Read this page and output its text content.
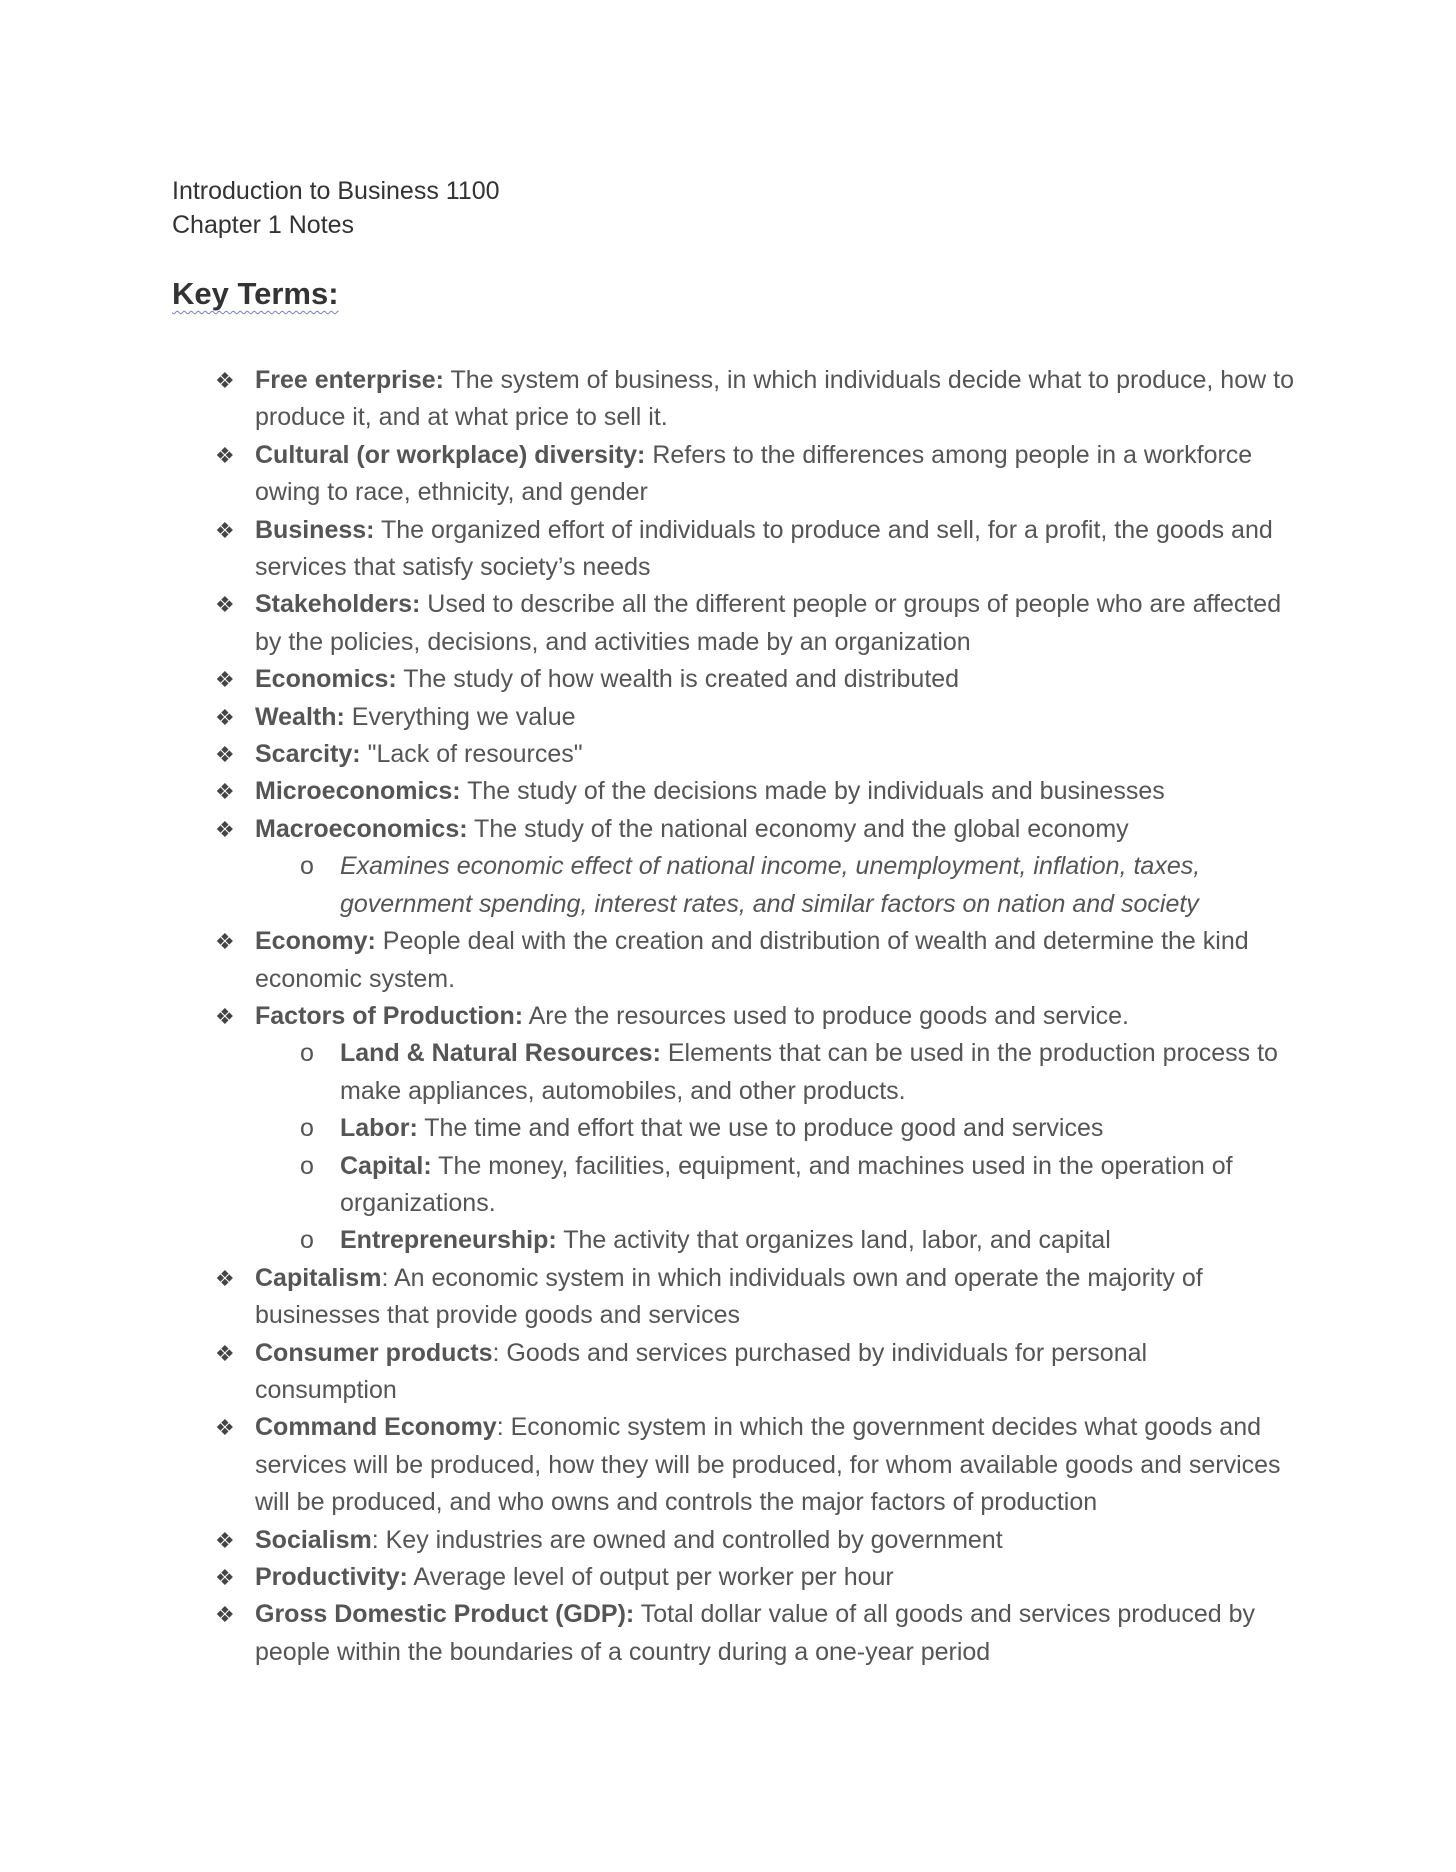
Introduction to Business 1100
Chapter 1 Notes
Key Terms:
❖ Free enterprise: The system of business, in which individuals decide what to produce, how to produce it, and at what price to sell it.
❖ Cultural (or workplace) diversity: Refers to the differences among people in a workforce owing to race, ethnicity, and gender
❖ Business: The organized effort of individuals to produce and sell, for a profit, the goods and services that satisfy society’s needs
❖ Stakeholders: Used to describe all the different people or groups of people who are affected by the policies, decisions, and activities made by an organization
❖ Economics: The study of how wealth is created and distributed
❖ Wealth: Everything we value
❖ Scarcity: "Lack of resources"
❖ Microeconomics: The study of the decisions made by individuals and businesses
❖ Macroeconomics: The study of the national economy and the global economy
o Examines economic effect of national income, unemployment, inflation, taxes, government spending, interest rates, and similar factors on nation and society
❖ Economy: People deal with the creation and distribution of wealth and determine the kind economic system.
❖ Factors of Production: Are the resources used to produce goods and service.
o Land & Natural Resources: Elements that can be used in the production process to make appliances, automobiles, and other products.
o Labor: The time and effort that we use to produce good and services
o Capital: The money, facilities, equipment, and machines used in the operation of organizations.
o Entrepreneurship: The activity that organizes land, labor, and capital
❖ Capitalism: An economic system in which individuals own and operate the majority of businesses that provide goods and services
❖ Consumer products: Goods and services purchased by individuals for personal consumption
❖ Command Economy: Economic system in which the government decides what goods and services will be produced, how they will be produced, for whom available goods and services will be produced, and who owns and controls the major factors of production
❖ Socialism: Key industries are owned and controlled by government
❖ Productivity: Average level of output per worker per hour
❖ Gross Domestic Product (GDP): Total dollar value of all goods and services produced by people within the boundaries of a country during a one-year period
